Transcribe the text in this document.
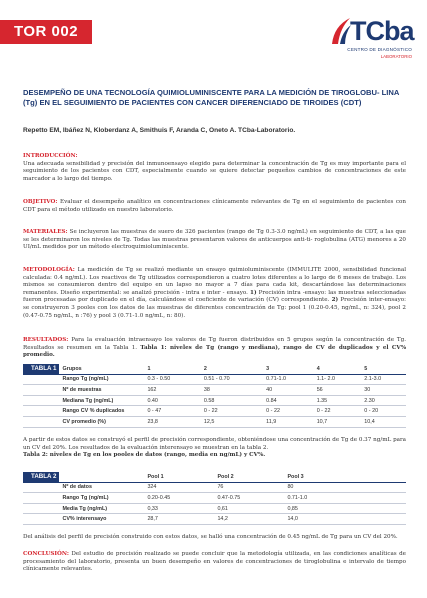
TOR 002	TCba
CENTRO DE DIAGNÓSTICO
LABORATORIO
DESEMPEÑO DE UNA TECNOLOGÍA QUIMIOLUMINISCENTE PARA LA MEDICIÓN DE TIROGLOBU- LINA (Tg) EN EL SEGUIMIENTO DE PACIENTES CON CANCER DIFERENCIADO DE TIROIDES (CDT)
Repetto EM, Ibáñez N, Kloberdanz A, Smithuis F, Aranda C, Oneto A. TCba-Laboratorio.
INTRODUCCIÓN:
Una adecuada sensibilidad y precisión del inmunoensayo elegido para determinar la concentración de Tg es muy importante para el seguimiento de los pacientes con CDT, especialmente cuando se quiere detectar pequeños cambios de concentraciones de este marcador a lo largo del tiempo.
OBJETIVO: Evaluar el desempeño analítico en concentraciones clínicamente relevantes de Tg en el seguimiento de pacientes con CDT para el método utilizado en nuestro laboratorio.
MATERIALES: Se incluyeron las muestras de suero de 326 pacientes (rango de Tg 0.3-3.0 ng/mL) en seguimiento de CDT, a las que se les determinaron los niveles de Tg. Todas las muestras presentaron valores de anticuerpos anti-ti- roglobulina (ATG) menores a 20 UI/mL medidos por un método electroquimioluminiscente.
METODOLOGÍA: La medición de Tg se realizó mediante un ensayo quimioluminiscente (IMMULITE 2000, sensibilidad funcional calculada: 0.4 ng/mL). Los reactivos de Tg utilizados correspondieron a cuatro lotes diferentes a lo largo de 6 meses de trabajo. Los mismos se consumieron dentro del equipo en un lapso no mayor a 7 días para cada kit, descartándose las determinaciones remanentes. Diseño experimental: se analizó precisión - intra e inter - ensayo. 1) Precisión intra -ensayo: las muestras seleccionadas fueron procesadas por duplicado en el día, calculándose el coeficiente de variación (CV) correspondiente. 2) Precisión inter-ensayo: se construyeron 3 pooles con los datos de las muestras de diferentes concentración de Tg: pool 1 (0.20-0.45, ng/mL, n: 324), pool 2 (0.47-0.75 ng/mL, n :76) y pool 3 (0.71-1.0 ng/mL, n: 80).
RESULTADOS: Para la evaluación intraensayo los valores de Tg fueron distribuidos en 5 grupos según la concentración de Tg. Resultados se resumen en la Tabla 1. Tabla 1: niveles de Tg (rango y mediana), rango de CV de duplicados y el CV% promedio.
TABLA 1	Grupos	1	2	3	4	5
	Rango Tg (ng/mL)	0.3 - 0.50	0.51 - 0.70	0.71-1.0	1.1- 2.0	2.1-3.0
	Nº de muestras	162	38	40	56	30
	Mediana Tg (ng/mL)	0.40	0.58	0.84	1.35	2.30
	Rango CV % duplicados	0 - 47	0 - 22	0 - 22	0 - 22	0 - 20
	CV promedio (%)	23,8	12,5	11,9	10,7	10,4
A partir de estos datos se construyó el perfil de precisión correspondiente, obteniéndose una concentración de Tg de 0.37 ng/mL para un CV del 20%. Los resultados de la evaluación interensayo se muestran en la tabla 2.
Tabla 2: niveles de Tg en los pooles de datos (rango, media en ng/mL) y CV%.
TABLA 2		Pool 1	Pool 2	Pool 3	
	Nº de datos	324	76	80	
	Rango Tg (ng/mL)	0.20-0.45	0.47-0.75	0.71-1.0	
	Media Tg (ng/mL)	0,33	0,61	0,85	
	CV% interensayo	28,7	14,2	14,0	
Del análisis del perfil de precisión construido con estos datos, se halló una concentración de 0.45 ng/mL de Tg para un CV del 20%.
CONCLUSIÓN: Del estudio de precisión realizado se puede concluir que la metodología utilizada, en las condiciones analíticas de procesamiento del laboratorio, presenta un buen desempeño en valores de concentraciones de tiroglobulina e intervalo de tiempo clínicamente relevantes.
